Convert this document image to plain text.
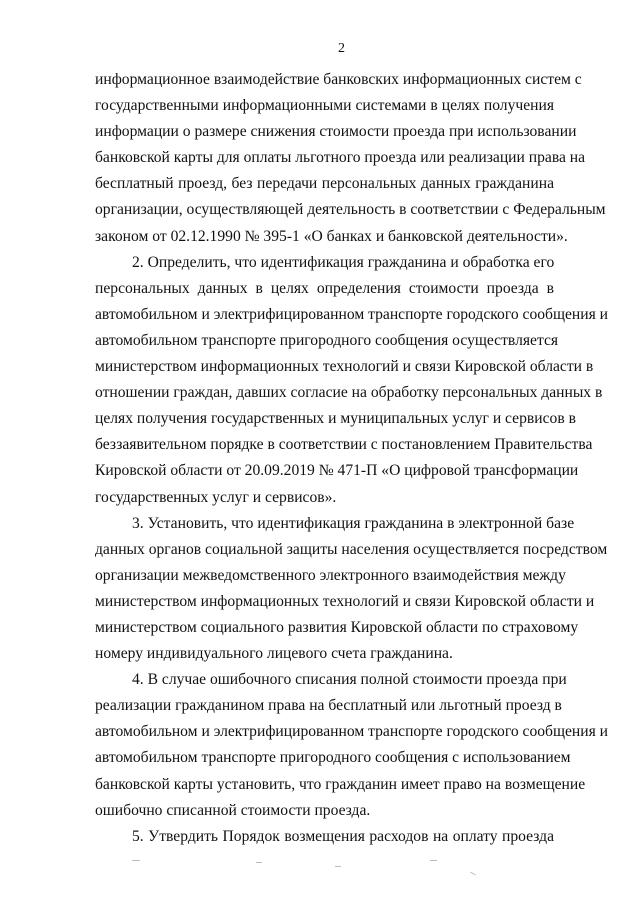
2
информационное взаимодействие банковских информационных систем с
государственными информационными системами в целях получения
информации о размере снижения стоимости проезда при использовании
банковской карты для оплаты льготного проезда или реализации права на
бесплатный проезд, без передачи персональных данных гражданина
организации, осуществляющей деятельность в соответствии с Федеральным
законом от 02.12.1990 № 395-1 «О банках и банковской деятельности».
2. Определить, что идентификация гражданина и обработка его
персональных данных в целях определения стоимости проезда в
автомобильном и электрифицированном транспорте городского сообщения и
автомобильном транспорте пригородного сообщения осуществляется
министерством информационных технологий и связи Кировской области в
отношении граждан, давших согласие на обработку персональных данных в
целях получения государственных и муниципальных услуг и сервисов в
беззаявительном порядке в соответствии с постановлением Правительства
Кировской области от 20.09.2019 № 471-П «О цифровой трансформации
государственных услуг и сервисов».
3. Установить, что идентификация гражданина в электронной базе
данных органов социальной защиты населения осуществляется посредством
организации межведомственного электронного взаимодействия между
министерством информационных технологий и связи Кировской области и
министерством социального развития Кировской области по страховому
номеру индивидуального лицевого счета гражданина.
4. В случае ошибочного списания полной стоимости проезда при
реализации гражданином права на бесплатный или льготный проезд в
автомобильном и электрифицированном транспорте городского сообщения и
автомобильном транспорте пригородного сообщения с использованием
банковской карты установить, что гражданин имеет право на возмещение
ошибочно списанной стоимости проезда.
5. Утвердить Порядок возмещения расходов на оплату проезда
